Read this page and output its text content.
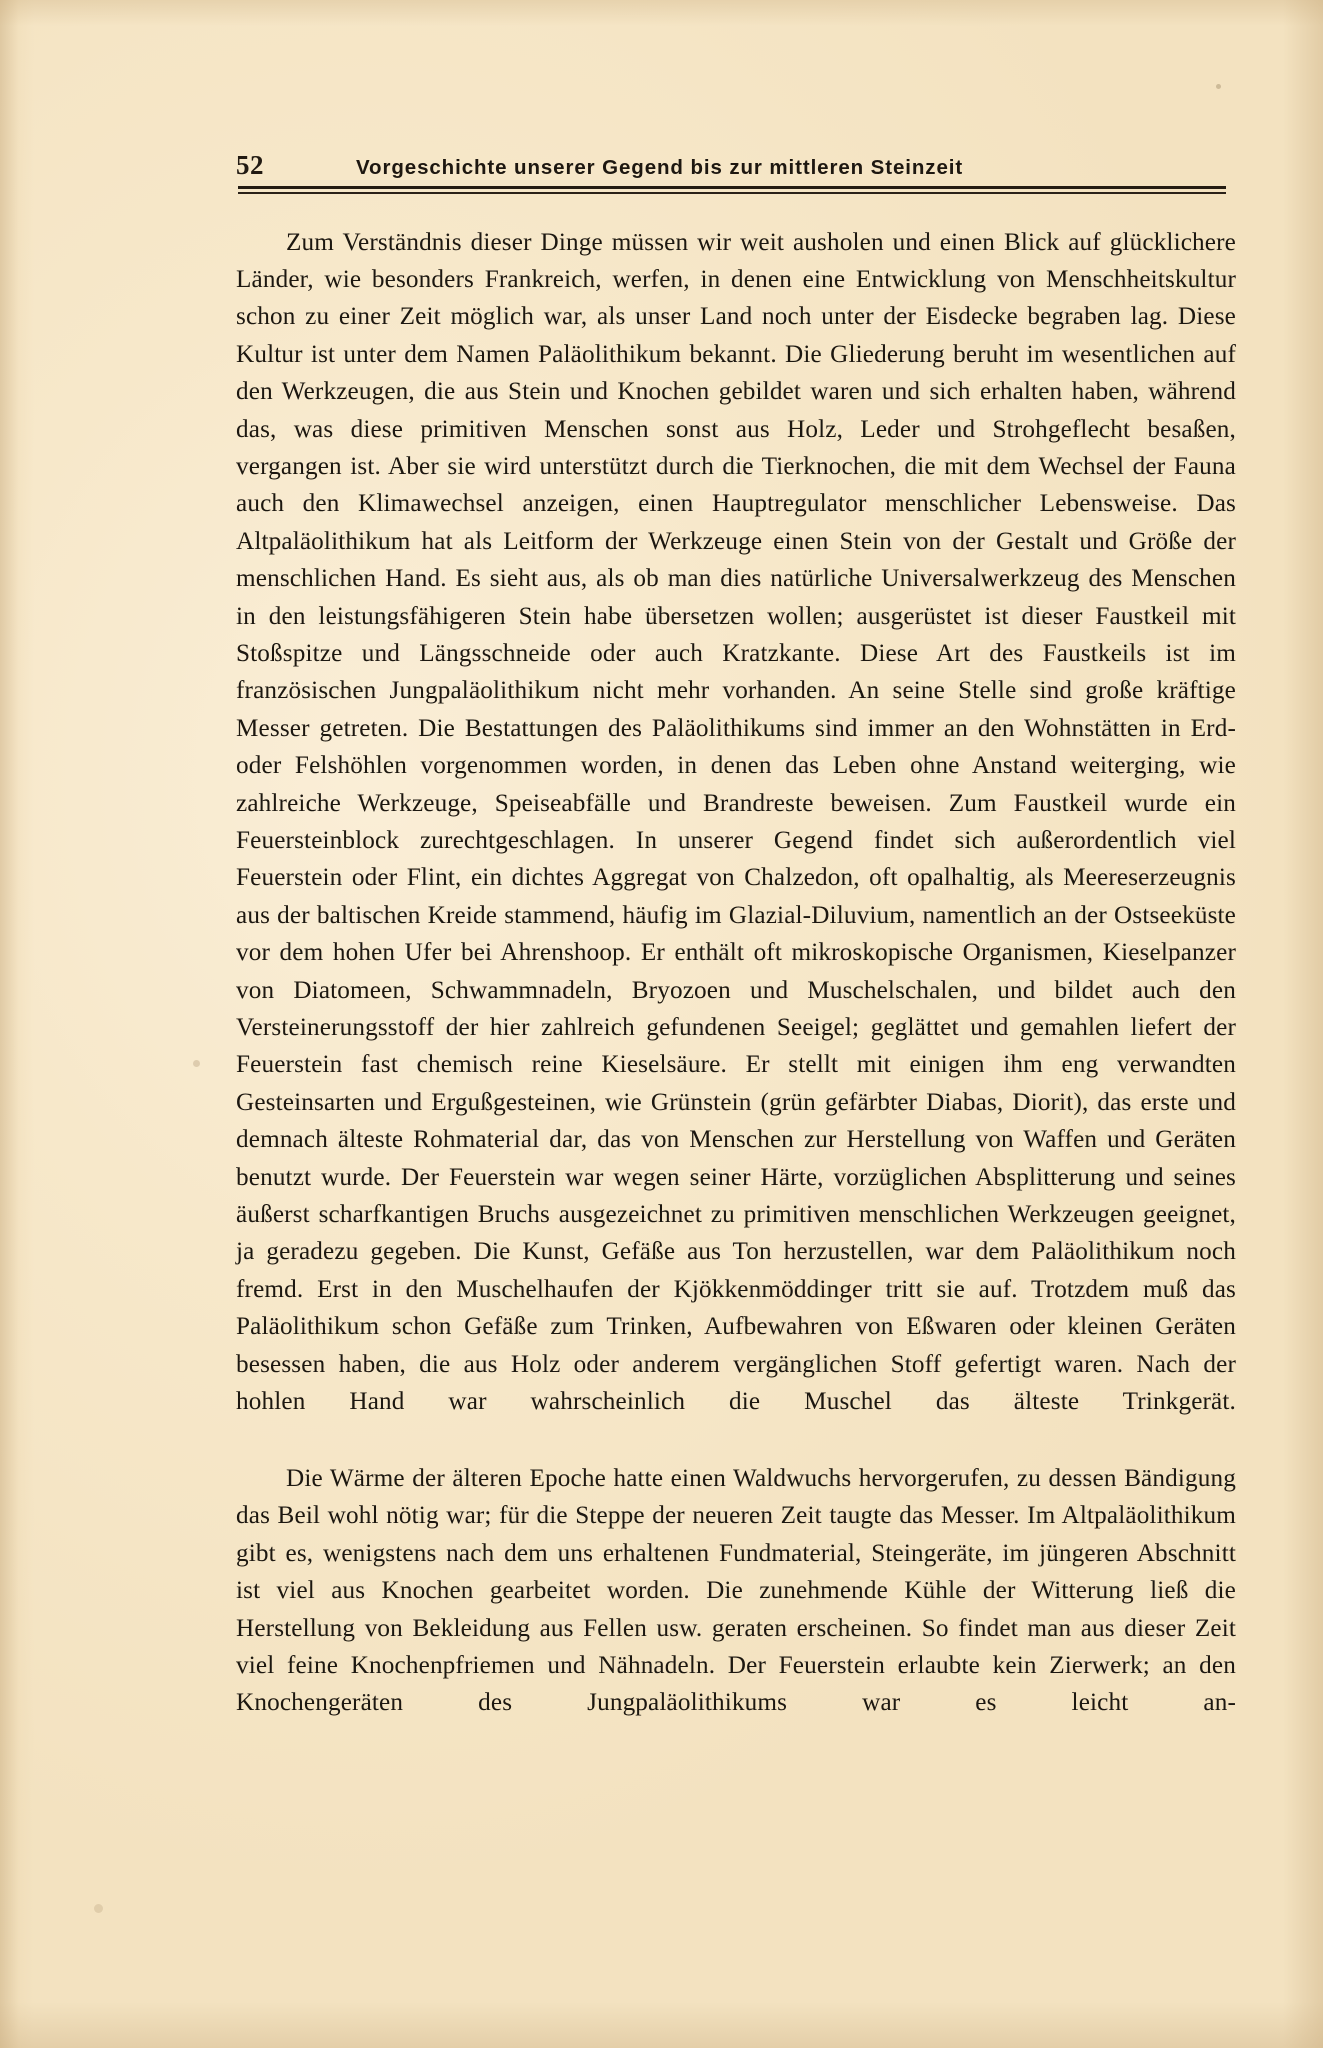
52	Vorgeschichte unserer Gegend bis zur mittleren Steinzeit

Zum Verständnis dieser Dinge müssen wir weit ausholen und einen Blick auf glücklichere Länder, wie besonders Frankreich, werfen, in denen eine Entwicklung von Menschheitskultur schon zu einer Zeit möglich war, als unser Land noch unter der Eisdecke begraben lag. Diese Kultur ist unter dem Namen Paläolithikum bekannt. Die Gliederung beruht im wesentlichen auf den Werkzeugen, die aus Stein und Knochen gebildet waren und sich erhalten haben, während das, was diese primitiven Menschen sonst aus Holz, Leder und Strohgeflecht besaßen, vergangen ist. Aber sie wird unterstützt durch die Tierknochen, die mit dem Wechsel der Fauna auch den Klimawechsel anzeigen, einen Hauptregulator menschlicher Lebensweise. Das Altpaläolithikum hat als Leitform der Werkzeuge einen Stein von der Gestalt und Größe der menschlichen Hand. Es sieht aus, als ob man dies natürliche Universalwerkzeug des Menschen in den leistungsfähigeren Stein habe übersetzen wollen; ausgerüstet ist dieser Faustkeil mit Stoßspitze und Längsschneide oder auch Kratzkante. Diese Art des Faustkeils ist im französischen Jungpaläolithikum nicht mehr vorhanden. An seine Stelle sind große kräftige Messer getreten. Die Bestattungen des Paläolithikums sind immer an den Wohnstätten in Erd- oder Felshöhlen vorgenommen worden, in denen das Leben ohne Anstand weiterging, wie zahlreiche Werkzeuge, Speiseabfälle und Brandreste beweisen. Zum Faustkeil wurde ein Feuersteinblock zurechtgeschlagen. In unserer Gegend findet sich außerordentlich viel Feuerstein oder Flint, ein dichtes Aggregat von Chalzedon, oft opalhaltig, als Meereserzeugnis aus der baltischen Kreide stammend, häufig im Glazial-Diluvium, namentlich an der Ostseeküste vor dem hohen Ufer bei Ahrenshoop. Er enthält oft mikroskopische Organismen, Kieselpanzer von Diatomeen, Schwammnadeln, Bryozoen und Muschelschalen, und bildet auch den Versteinerungsstoff der hier zahlreich gefundenen Seeigel; geglättet und gemahlen liefert der Feuerstein fast chemisch reine Kieselsäure. Er stellt mit einigen ihm eng verwandten Gesteinsarten und Ergußgesteinen, wie Grünstein (grün gefärbter Diabas, Diorit), das erste und demnach älteste Rohmaterial dar, das von Menschen zur Herstellung von Waffen und Geräten benutzt wurde. Der Feuerstein war wegen seiner Härte, vorzüglichen Absplitterung und seines äußerst scharfkantigen Bruchs ausgezeichnet zu primitiven menschlichen Werkzeugen geeignet, ja geradezu gegeben. Die Kunst, Gefäße aus Ton herzustellen, war dem Paläolithikum noch fremd. Erst in den Muschelhaufen der Kjökkenmöddinger tritt sie auf. Trotzdem muß das Paläolithikum schon Gefäße zum Trinken, Aufbewahren von Eßwaren oder kleinen Geräten besessen haben, die aus Holz oder anderem vergänglichen Stoff gefertigt waren. Nach der hohlen Hand war wahrscheinlich die Muschel das älteste Trinkgerät.

Die Wärme der älteren Epoche hatte einen Waldwuchs hervorgerufen, zu dessen Bändigung das Beil wohl nötig war; für die Steppe der neueren Zeit taugte das Messer. Im Altpaläolithikum gibt es, wenigstens nach dem uns erhaltenen Fundmaterial, Steingeräte, im jüngeren Abschnitt ist viel aus Knochen gearbeitet worden. Die zunehmende Kühle der Witterung ließ die Herstellung von Bekleidung aus Fellen usw. geraten erscheinen. So findet man aus dieser Zeit viel feine Knochenpfriemen und Nähnadeln. Der Feuerstein erlaubte kein Zierwerk; an den Knochengeräten des Jungpaläolithikums war es leicht an-
